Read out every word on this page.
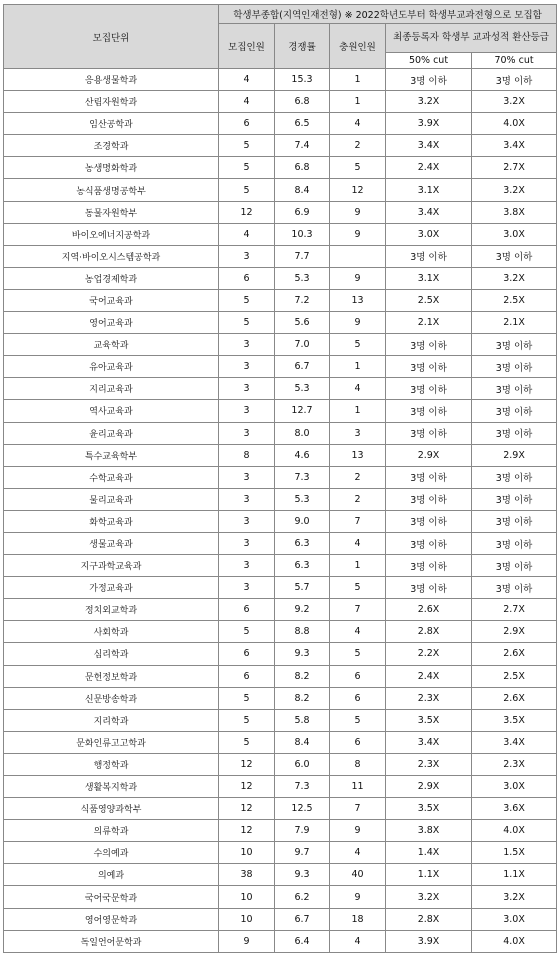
모집단위	학생부종합(지역인재전형) ※ 2022학년도부터 학생부교과전형으로 모집함				
	모집인원	경쟁률	충원인원	최종등록자 학생부 교과성적 환산등급	
				50% cut	70% cut
응용생물학과	4	15.3	1	3명 이하	3명 이하
산림자원학과	4	6.8	1	3.2X	3.2X
임산공학과	6	6.5	4	3.9X	4.0X
조경학과	5	7.4	2	3.4X	3.4X
농생명화학과	5	6.8	5	2.4X	2.7X
농식품생명공학부	5	8.4	12	3.1X	3.2X
동물자원학부	12	6.9	9	3.4X	3.8X
바이오에너지공학과	4	10.3	9	3.0X	3.0X
지역·바이오시스템공학과	3	7.7		3명 이하	3명 이하
농업경제학과	6	5.3	9	3.1X	3.2X
국어교육과	5	7.2	13	2.5X	2.5X
영어교육과	5	5.6	9	2.1X	2.1X
교육학과	3	7.0	5	3명 이하	3명 이하
유아교육과	3	6.7	1	3명 이하	3명 이하
지리교육과	3	5.3	4	3명 이하	3명 이하
역사교육과	3	12.7	1	3명 이하	3명 이하
윤리교육과	3	8.0	3	3명 이하	3명 이하
특수교육학부	8	4.6	13	2.9X	2.9X
수학교육과	3	7.3	2	3명 이하	3명 이하
물리교육과	3	5.3	2	3명 이하	3명 이하
화학교육과	3	9.0	7	3명 이하	3명 이하
생물교육과	3	6.3	4	3명 이하	3명 이하
지구과학교육과	3	6.3	1	3명 이하	3명 이하
가정교육과	3	5.7	5	3명 이하	3명 이하
정치외교학과	6	9.2	7	2.6X	2.7X
사회학과	5	8.8	4	2.8X	2.9X
심리학과	6	9.3	5	2.2X	2.6X
문헌정보학과	6	8.2	6	2.4X	2.5X
신문방송학과	5	8.2	6	2.3X	2.6X
지리학과	5	5.8	5	3.5X	3.5X
문화인류고고학과	5	8.4	6	3.4X	3.4X
행정학과	12	6.0	8	2.3X	2.3X
생활복지학과	12	7.3	11	2.9X	3.0X
식품영양과학부	12	12.5	7	3.5X	3.6X
의류학과	12	7.9	9	3.8X	4.0X
수의예과	10	9.7	4	1.4X	1.5X
의예과	38	9.3	40	1.1X	1.1X
국어국문학과	10	6.2	9	3.2X	3.2X
영어영문학과	10	6.7	18	2.8X	3.0X
독일언어문학과	9	6.4	4	3.9X	4.0X
